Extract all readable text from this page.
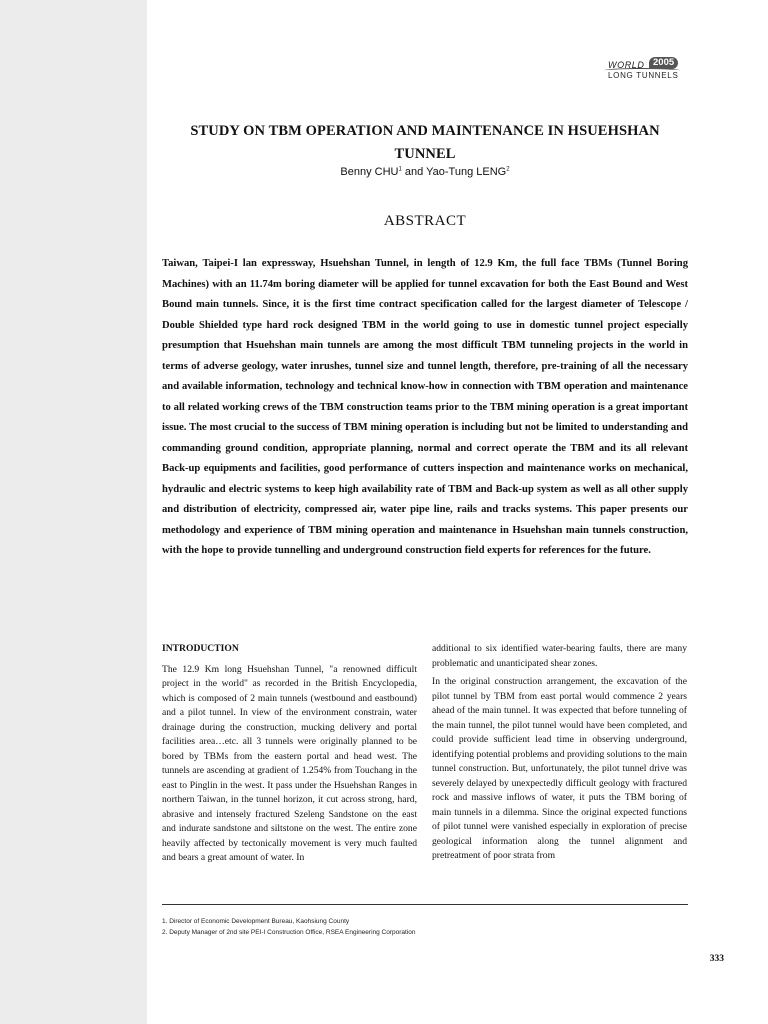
WORLD 2005
LONG TUNNELS
STUDY ON TBM OPERATION AND MAINTENANCE IN HSUEHSHAN
TUNNEL
Benny CHU$^1$ and Yao-Tung LENG$^2$
ABSTRACT
Taiwan, Taipei-I lan expressway, Hsuehshan Tunnel, in length of 12.9 Km, the full face TBMs (Tunnel Boring Machines) with an 11.74m boring diameter will be applied for tunnel excavation for both the East Bound and West Bound main tunnels. Since, it is the first time contract specification called for the largest diameter of Telescope / Double Shielded type hard rock designed TBM in the world going to use in domestic tunnel project especially presumption that Hsuehshan main tunnels are among the most difficult TBM tunneling projects in the world in terms of adverse geology, water inrushes, tunnel size and tunnel length, therefore, pre-training of all the necessary and available information, technology and technical know-how in connection with TBM operation and maintenance to all related working crews of the TBM construction teams prior to the TBM mining operation is a great important issue. The most crucial to the success of TBM mining operation is including but not be limited to understanding and commanding ground condition, appropriate planning, normal and correct operate the TBM and its all relevant Back-up equipments and facilities, good performance of cutters inspection and maintenance works on mechanical, hydraulic and electric systems to keep high availability rate of TBM and Back-up system as well as all other supply and distribution of electricity, compressed air, water pipe line, rails and tracks systems. This paper presents our methodology and experience of TBM mining operation and maintenance in Hsuehshan main tunnels construction, with the hope to provide tunnelling and underground construction field experts for references for the future.
INTRODUCTION

The 12.9 Km long Hsuehshan Tunnel, "a renowned difficult project in the world" as recorded in the British Encyclopedia, which is composed of 2 main tunnels (westbound and eastbound) and a pilot tunnel. In view of the environment constrain, water drainage during the construction, mucking delivery and portal facilities area…etc. all 3 tunnels were originally planned to be bored by TBMs from the eastern portal and head west. The tunnels are ascending at gradient of 1.254% from Touchang in the east to Pinglin in the west. It pass under the Hsuehshan Ranges in northern Taiwan, in the tunnel horizon, it cut across strong, hard, abrasive and intensely fractured Szeleng Sandstone on the east and indurate sandstone and siltstone on the west. The entire zone heavily affected by tectonically movement is very much faulted and bears a great amount of water. In

additional to six identified water-bearing faults, there are many problematic and unanticipated shear zones.

In the original construction arrangement, the excavation of the pilot tunnel by TBM from east portal would commence 2 years ahead of the main tunnel. It was expected that before tunneling of the main tunnel, the pilot tunnel would have been completed, and could provide sufficient lead time in observing underground, identifying potential problems and providing solutions to the main tunnel construction. But, unfortunately, the pilot tunnel drive was severely delayed by unexpectedly difficult geology with fractured rock and massive inflows of water, it puts the TBM boring of main tunnels in a dilemma. Since the original expected functions of pilot tunnel were vanished especially in exploration of precise geological information along the tunnel alignment and pretreatment of poor strata from

1. Director of Economic Development Bureau, Kaohsiung County
2. Deputy Manager of 2nd site PEI-I Construction Office, RSEA Engineering Corporation
333
